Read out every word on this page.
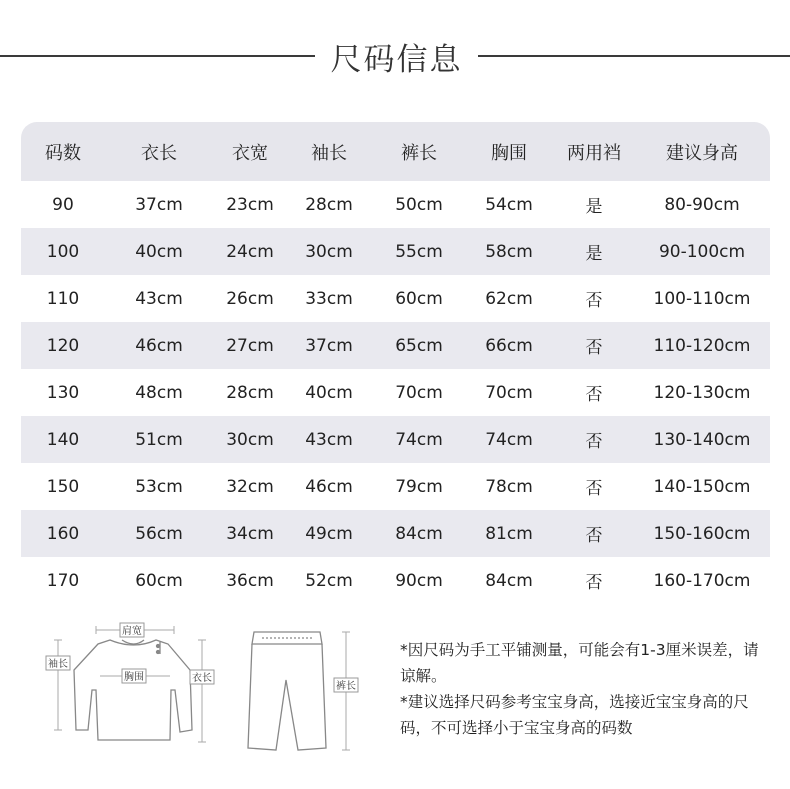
尺码信息
码数	衣长	衣宽	袖长	裤长	胸围	两用裆	建议身高
90	37cm	23cm	28cm	50cm	54cm	是	80-90cm
100	40cm	24cm	30cm	55cm	58cm	是	90-100cm
110	43cm	26cm	33cm	60cm	62cm	否	100-110cm
120	46cm	27cm	37cm	65cm	66cm	否	110-120cm
130	48cm	28cm	40cm	70cm	70cm	否	120-130cm
140	51cm	30cm	43cm	74cm	74cm	否	130-140cm
150	53cm	32cm	46cm	79cm	78cm	否	140-150cm
160	56cm	34cm	49cm	84cm	81cm	否	150-160cm
170	60cm	36cm	52cm	90cm	84cm	否	160-170cm
肩宽
袖长
胸围	衣长
裤长

*因尺码为手工平铺测量，可能会有1-3厘米误差，请谅解。

*建议选择尺码参考宝宝身高，选接近宝宝身高的尺码，不可选择小于宝宝身高的码数
